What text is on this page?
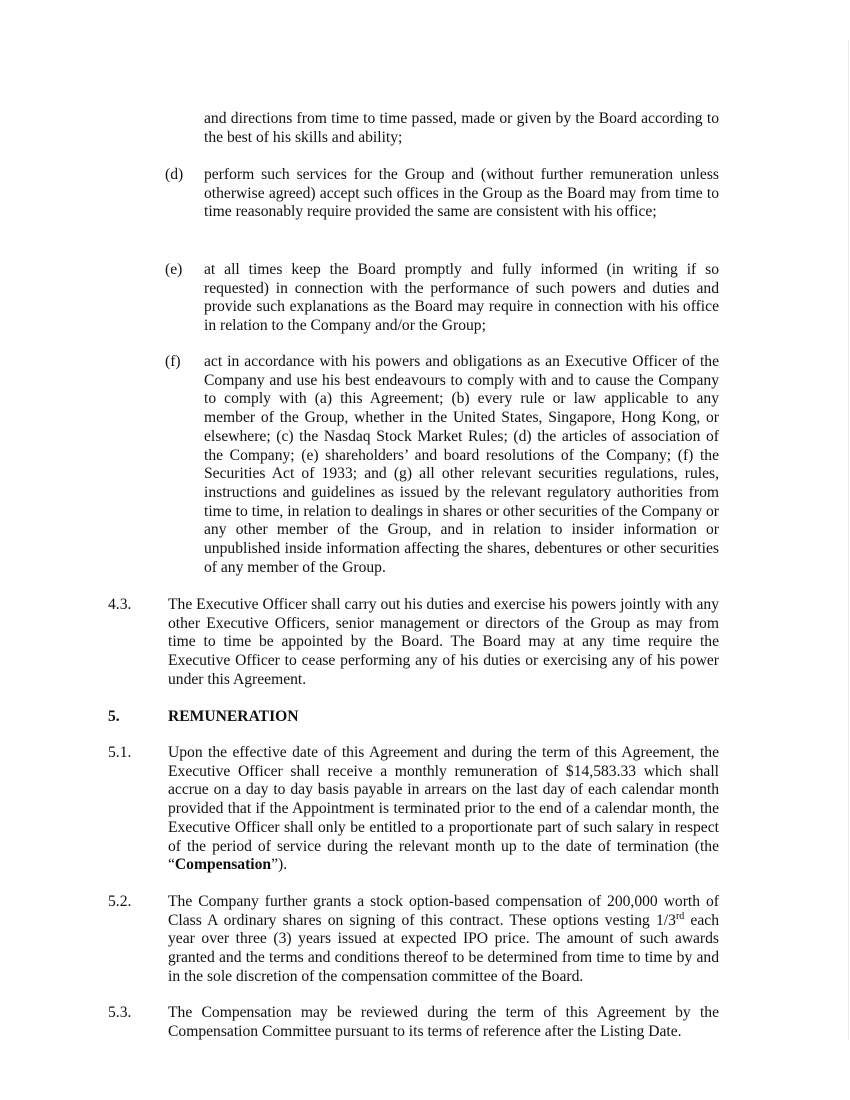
and directions from time to time passed, made or given by the Board according to the best of his skills and ability;
(d) perform such services for the Group and (without further remuneration unless otherwise agreed) accept such offices in the Group as the Board may from time to time reasonably require provided the same are consistent with his office;
(e) at all times keep the Board promptly and fully informed (in writing if so requested) in connection with the performance of such powers and duties and provide such explanations as the Board may require in connection with his office in relation to the Company and/or the Group;
(f) act in accordance with his powers and obligations as an Executive Officer of the Company and use his best endeavours to comply with and to cause the Company to comply with (a) this Agreement; (b) every rule or law applicable to any member of the Group, whether in the United States, Singapore, Hong Kong, or elsewhere; (c) the Nasdaq Stock Market Rules; (d) the articles of association of the Company; (e) shareholders’ and board resolutions of the Company; (f) the Securities Act of 1933; and (g) all other relevant securities regulations, rules, instructions and guidelines as issued by the relevant regulatory authorities from time to time, in relation to dealings in shares or other securities of the Company or any other member of the Group, and in relation to insider information or unpublished inside information affecting the shares, debentures or other securities of any member of the Group.
4.3. The Executive Officer shall carry out his duties and exercise his powers jointly with any other Executive Officers, senior management or directors of the Group as may from time to time be appointed by the Board. The Board may at any time require the Executive Officer to cease performing any of his duties or exercising any of his power under this Agreement.
5.	REMUNERATION
5.1. Upon the effective date of this Agreement and during the term of this Agreement, the Executive Officer shall receive a monthly remuneration of $14,583.33 which shall accrue on a day to day basis payable in arrears on the last day of each calendar month provided that if the Appointment is terminated prior to the end of a calendar month, the Executive Officer shall only be entitled to a proportionate part of such salary in respect of the period of service during the relevant month up to the date of termination (the “Compensation”).
5.2. The Company further grants a stock option-based compensation of 200,000 worth of Class A ordinary shares on signing of this contract. These options vesting 1/3rd each year over three (3) years issued at expected IPO price. The amount of such awards granted and the terms and conditions thereof to be determined from time to time by and in the sole discretion of the compensation committee of the Board.
5.3. The Compensation may be reviewed during the term of this Agreement by the Compensation Committee pursuant to its terms of reference after the Listing Date.
